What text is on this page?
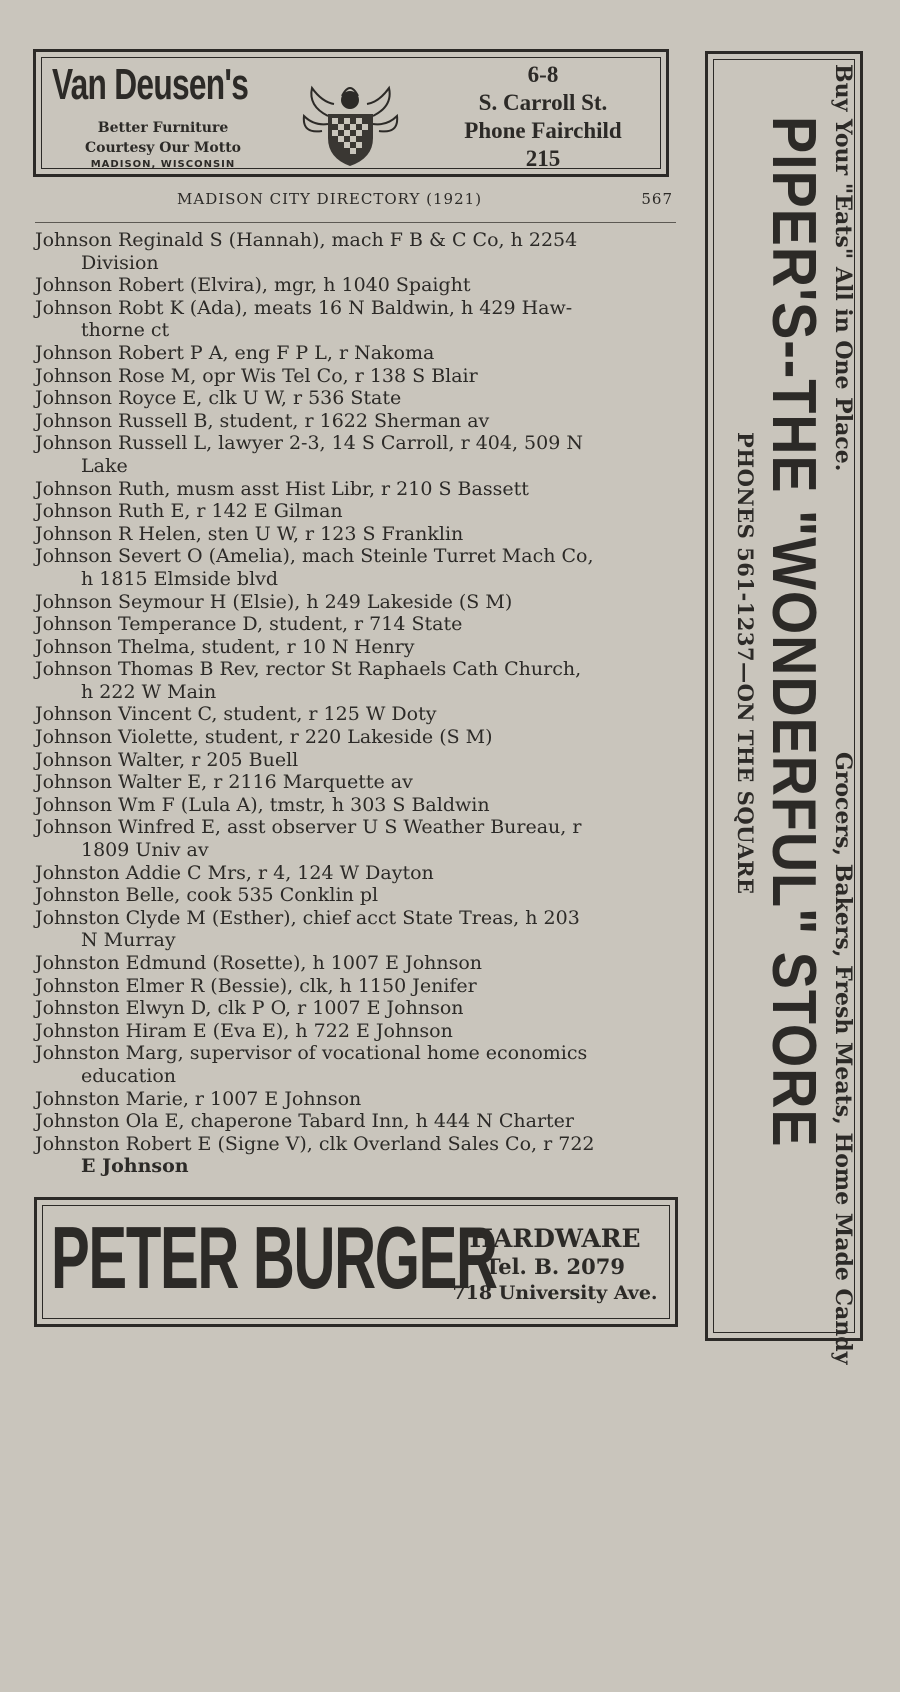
Van Deusen's
Better Furniture
Courtesy Our Motto
MADISON, WISCONSIN
6-8
S. Carroll St.
Phone Fairchild
215
MADISON CITY DIRECTORY (1921)	567
Johnson Reginald S (Hannah), mach F B & C Co, h 2254
Division
Johnson Robert (Elvira), mgr, h 1040 Spaight
Johnson Robt K (Ada), meats 16 N Baldwin, h 429 Haw-
thorne ct
Johnson Robert P A, eng F P L, r Nakoma
Johnson Rose M, opr Wis Tel Co, r 138 S Blair
Johnson Royce E, clk U W, r 536 State
Johnson Russell B, student, r 1622 Sherman av
Johnson Russell L, lawyer 2-3, 14 S Carroll, r 404, 509 N
Lake
Johnson Ruth, musm asst Hist Libr, r 210 S Bassett
Johnson Ruth E, r 142 E Gilman
Johnson R Helen, sten U W, r 123 S Franklin
Johnson Severt O (Amelia), mach Steinle Turret Mach Co,
h 1815 Elmside blvd
Johnson Seymour H (Elsie), h 249 Lakeside (S M)
Johnson Temperance D, student, r 714 State
Johnson Thelma, student, r 10 N Henry
Johnson Thomas B Rev, rector St Raphaels Cath Church,
h 222 W Main
Johnson Vincent C, student, r 125 W Doty
Johnson Violette, student, r 220 Lakeside (S M)
Johnson Walter, r 205 Buell
Johnson Walter E, r 2116 Marquette av
Johnson Wm F (Lula A), tmstr, h 303 S Baldwin
Johnson Winfred E, asst observer U S Weather Bureau, r
1809 Univ av
Johnston Addie C Mrs, r 4, 124 W Dayton
Johnston Belle, cook 535 Conklin pl
Johnston Clyde M (Esther), chief acct State Treas, h 203
N Murray
Johnston Edmund (Rosette), h 1007 E Johnson
Johnston Elmer R (Bessie), clk, h 1150 Jenifer
Johnston Elwyn D, clk P O, r 1007 E Johnson
Johnston Hiram E (Eva E), h 722 E Johnson
Johnston Marg, supervisor of vocational home economics
education
Johnston Marie, r 1007 E Johnson
Johnston Ola E, chaperone Tabard Inn, h 444 N Charter
Johnston Robert E (Signe V), clk Overland Sales Co, r 722
E Johnson
PETER BURGER
HARDWARE
Tel. B. 2079
718 University Ave.
Buy Your "Eats" All in One Place.
Grocers, Bakers, Fresh Meats, Home Made Candy
PIPER'S--THE "WONDERFUL" STORE
PHONES 561-1237—ON THE SQUARE
